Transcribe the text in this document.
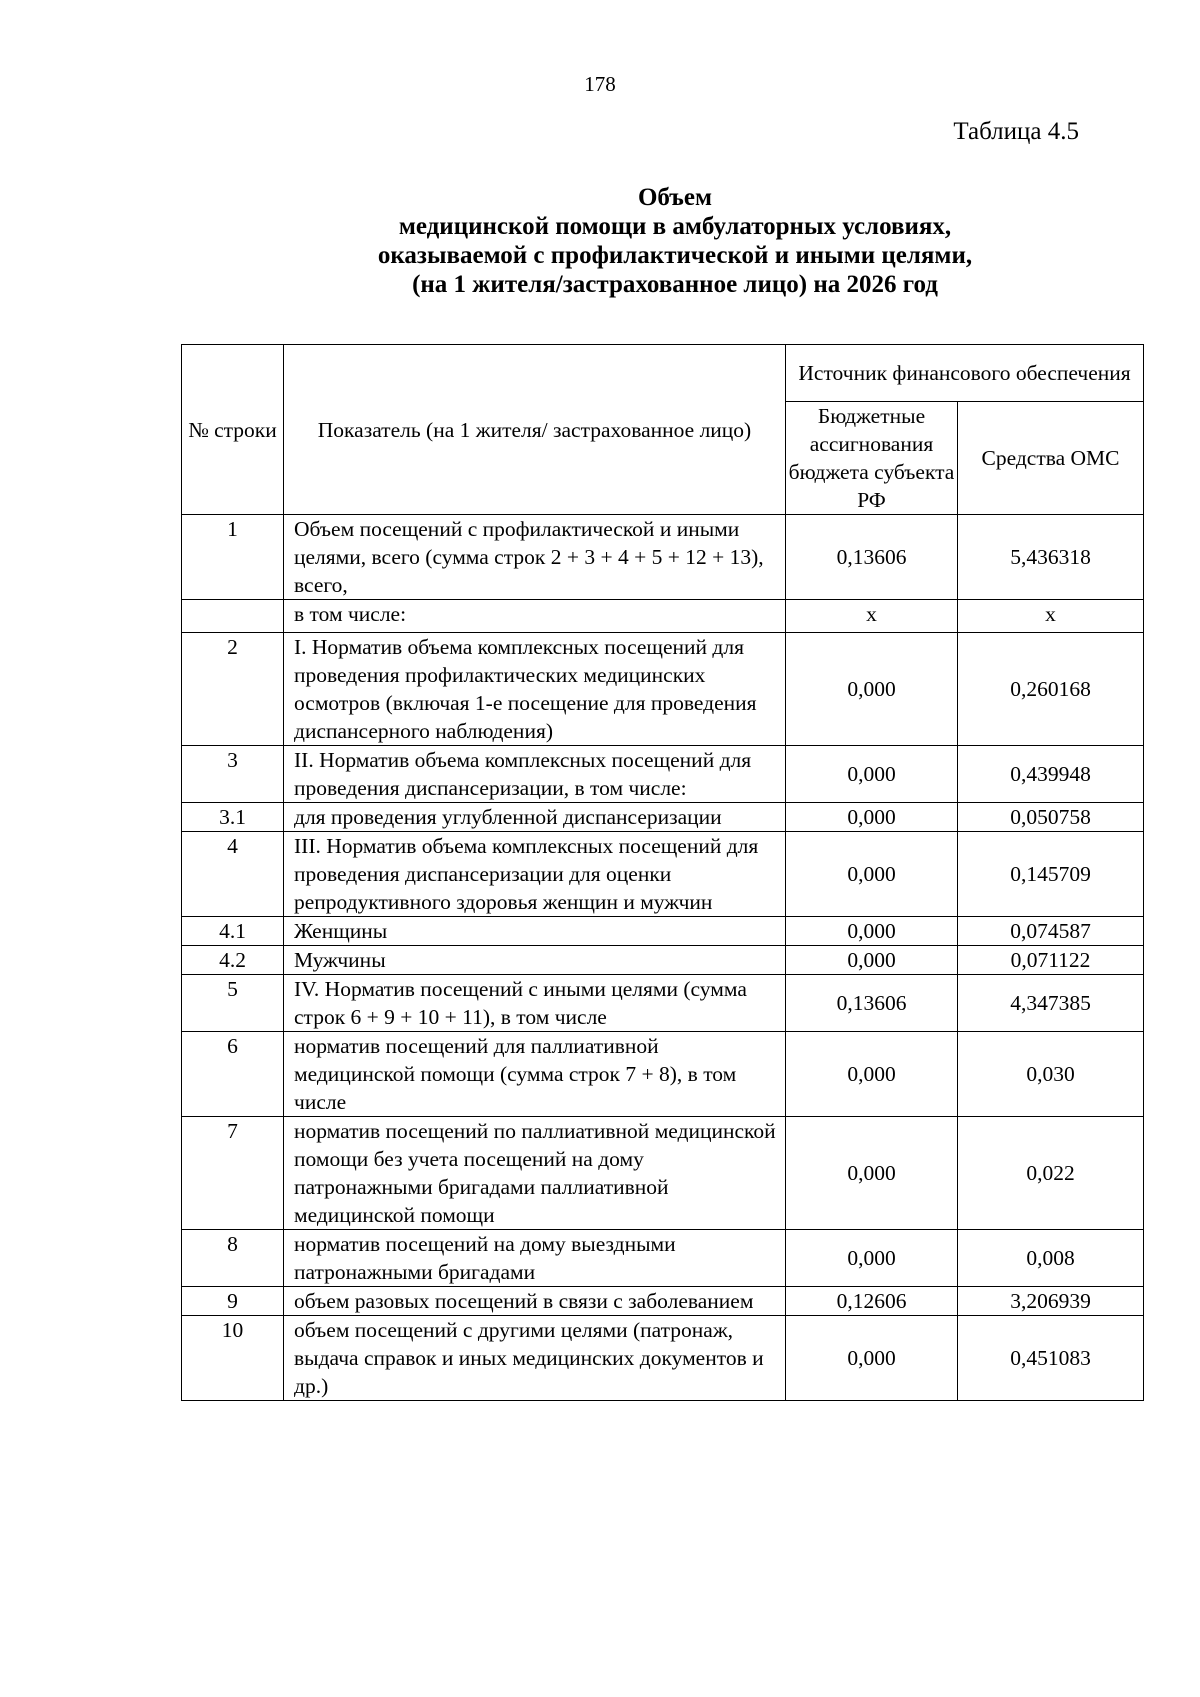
178
Таблица 4.5
Объем
медицинской помощи в амбулаторных условиях,
оказываемой с профилактической и иными целями,
(на 1 жителя/застрахованное лицо) на 2026 год
№ строки	Показатель (на 1 жителя/ застрахованное лицо)	Источник финансового обеспечения	
		Бюджетные ассигнования бюджета субъекта РФ	Средства ОМС
1	Объем посещений с профилактической и иными целями, всего (сумма строк 2 + 3 + 4 + 5 + 12 + 13), всего,	0,13606	5,436318
	в том числе:	х	х
2	I. Норматив объема комплексных посещений для проведения профилактических медицинских осмотров (включая 1-е посещение для проведения диспансерного наблюдения)	0,000	0,260168
3	II. Норматив объема комплексных посещений для проведения диспансеризации, в том числе:	0,000	0,439948
3.1	для проведения углубленной диспансеризации	0,000	0,050758
4	III. Норматив объема комплексных посещений для проведения диспансеризации для оценки репродуктивного здоровья женщин и мужчин	0,000	0,145709
4.1	Женщины	0,000	0,074587
4.2	Мужчины	0,000	0,071122
5	IV. Норматив посещений с иными целями (сумма строк 6 + 9 + 10 + 11), в том числе	0,13606	4,347385
6	норматив посещений для паллиативной медицинской помощи (сумма строк 7 + 8), в том числе	0,000	0,030
7	норматив посещений по паллиативной медицинской помощи без учета посещений на дому патронажными бригадами паллиативной медицинской помощи	0,000	0,022
8	норматив посещений на дому выездными патронажными бригадами	0,000	0,008
9	объем разовых посещений в связи с заболеванием	0,12606	3,206939
10	объем посещений с другими целями (патронаж, выдача справок и иных медицинских документов и др.)	0,000	0,451083
